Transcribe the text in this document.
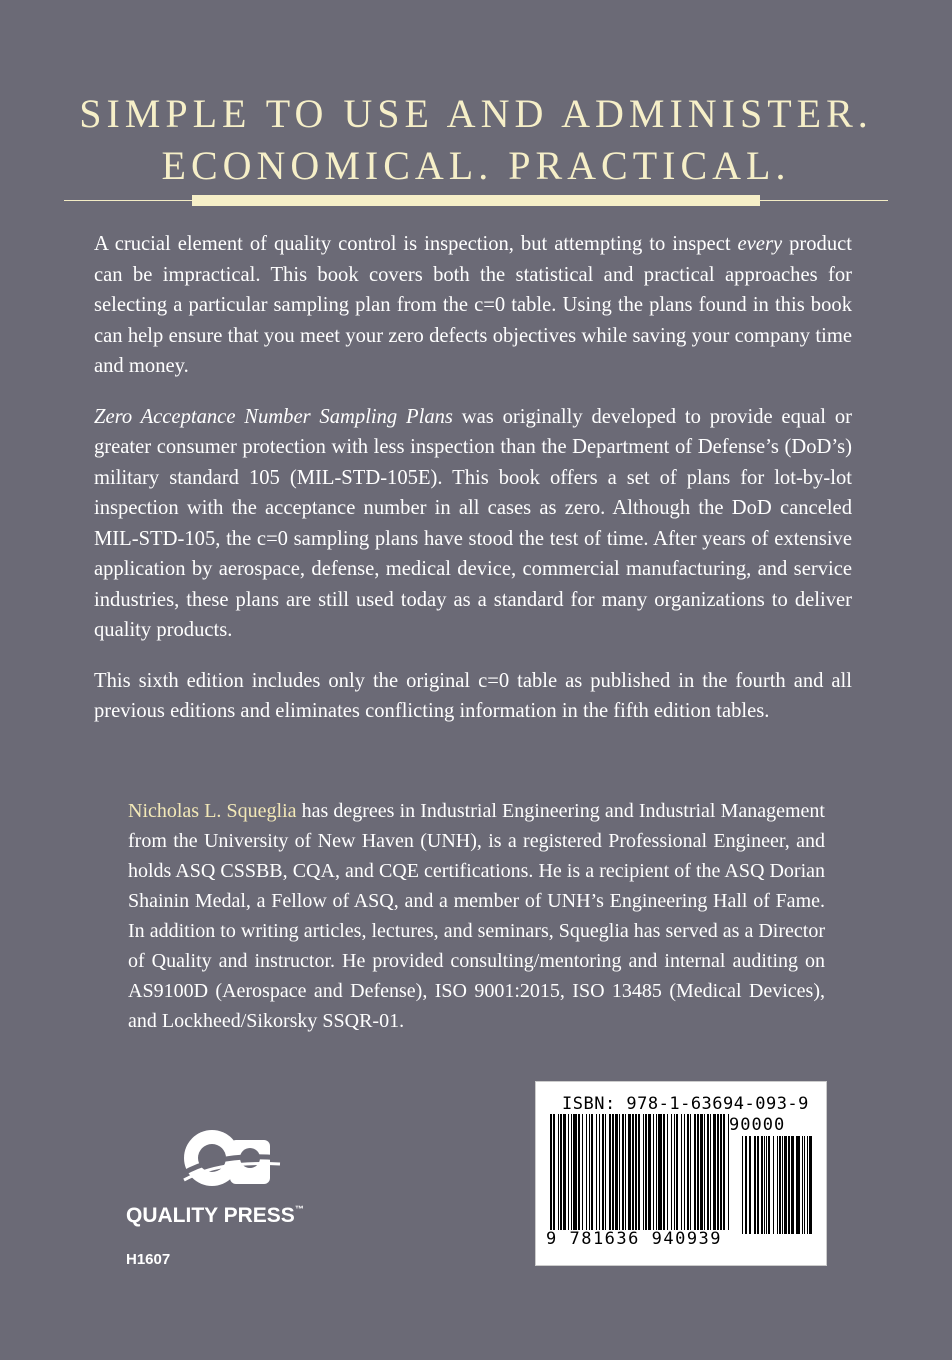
SIMPLE TO USE AND ADMINISTER.
ECONOMICAL. PRACTICAL.

A crucial element of quality control is inspection, but attempting to inspect every product can be impractical. This book covers both the statistical and practical approaches for selecting a particular sampling plan from the c=0 table. Using the plans found in this book can help ensure that you meet your zero defects objectives while saving your company time and money.

Zero Acceptance Number Sampling Plans was originally developed to provide equal or greater consumer protection with less inspection than the Department of Defense’s (DoD’s) military standard 105 (MIL-STD-105E). This book offers a set of plans for lot-by-lot inspection with the acceptance number in all cases as zero. Although the DoD canceled MIL-STD-105, the c=0 sampling plans have stood the test of time. After years of extensive application by aerospace, defense, medical device, commercial manufacturing, and service industries, these plans are still used today as a standard for many organizations to deliver quality products.

This sixth edition includes only the original c=0 table as published in the fourth and all previous editions and eliminates conflicting information in the fifth edition tables.

Nicholas L. Squeglia has degrees in Industrial Engineering and Industrial Management from the University of New Haven (UNH), is a registered Professional Engineer, and holds ASQ CSSBB, CQA, and CQE certifications. He is a recipient of the ASQ Dorian Shainin Medal, a Fellow of ASQ, and a member of UNH’s Engineering Hall of Fame. In addition to writing articles, lectures, and seminars, Squeglia has served as a Director of Quality and instructor. He provided consulting/mentoring and internal auditing on AS9100D (Aerospace and Defense), ISO 9001:2015, ISO 13485 (Medical Devices), and Lockheed/Sikorsky SSQR-01.

QUALITY PRESS™
H1607
ISBN: 978-1-63694-093-9
90000
9 781636 940939
